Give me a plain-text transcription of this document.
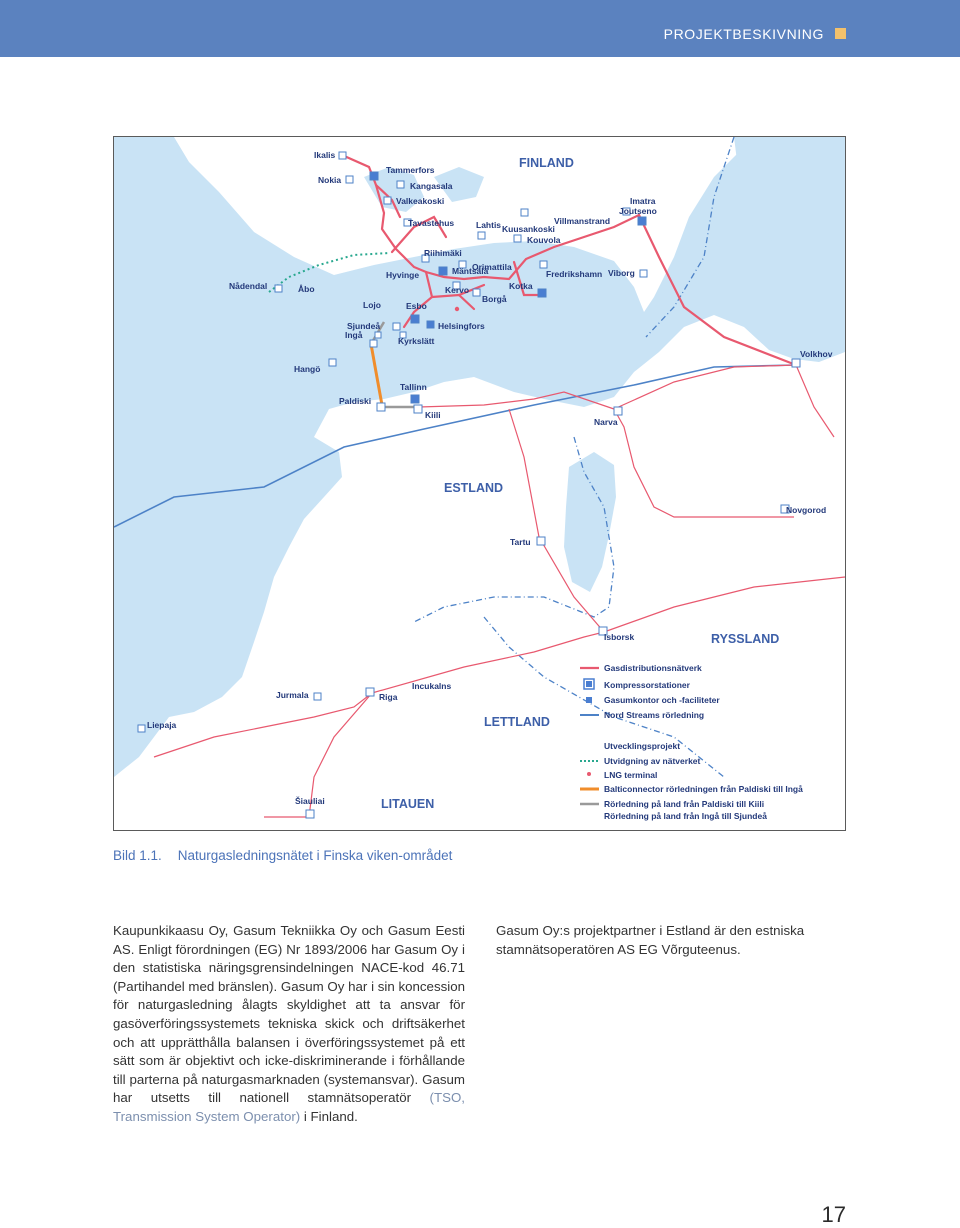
PROJEKTBESKIVNING
FINLAND
ESTLAND
RYSSLAND
LETTLAND
LITAUEN
Ikalis
Tammerfors
Nokia
Kangasala
Valkeakoski
Tavastehus	Lahtis Kuusankoski
Kouvola
Joutseno
Imatra
Villmanstrand
Riihimäki
Hyvinge	Mäntsälä
Orimattila
Kervo
Borgå
Kotka
Fredrikshamn Viborg
Nådendal	Åbo
Lojo	Esbo
Helsingfors
Sjundeå
Ingå
Kyrkslätt
Hangö
Volkhov
Tallinn
Paldiski
Kiili
Narva
Novgorod
Tartu
Isborsk
Jurmala	Riga
Incukalns
Liepaja
Šiauliai
Gasdistributionsnätverk
Kompressorstationer
Gasumkontor och -faciliteter
Nord Streams rörledning
Utvecklingsprojekt
Utvidgning av nätverket
LNG terminal
Balticonnector rörledningen från Paldiski till Ingå
Rörledning på land från Paldiski till Kiili
Rörledning på land från Ingå till Sjundeå
Bild 1.1. Naturgasledningsnätet i Finska viken-området
Kaupunkikaasu Oy, Gasum Tekniikka Oy och Gasum Eesti AS. Enligt förordningen (EG) Nr 1893/2006 har Gasum Oy i den statistiska näringsgrensindelningen NACE-kod 46.71 (Partihandel med bränslen). Gasum Oy har i sin koncession för naturgasledning ålagts skyldighet att ta ansvar för gasöverföringssystemets tekniska skick och driftsäkerhet och att upprätthålla balansen i överföringssystemet på ett sätt som är objektivt och icke-diskriminerande i förhållande till parterna på naturgasmarknaden (systemansvar). Gasum har utsetts till nationell stamnätsoperatör (TSO, Transmission System Operator) i Finland.
Gasum Oy:s projektpartner i Estland är den estniska stamnätsoperatören AS EG Võrguteenus.
17
